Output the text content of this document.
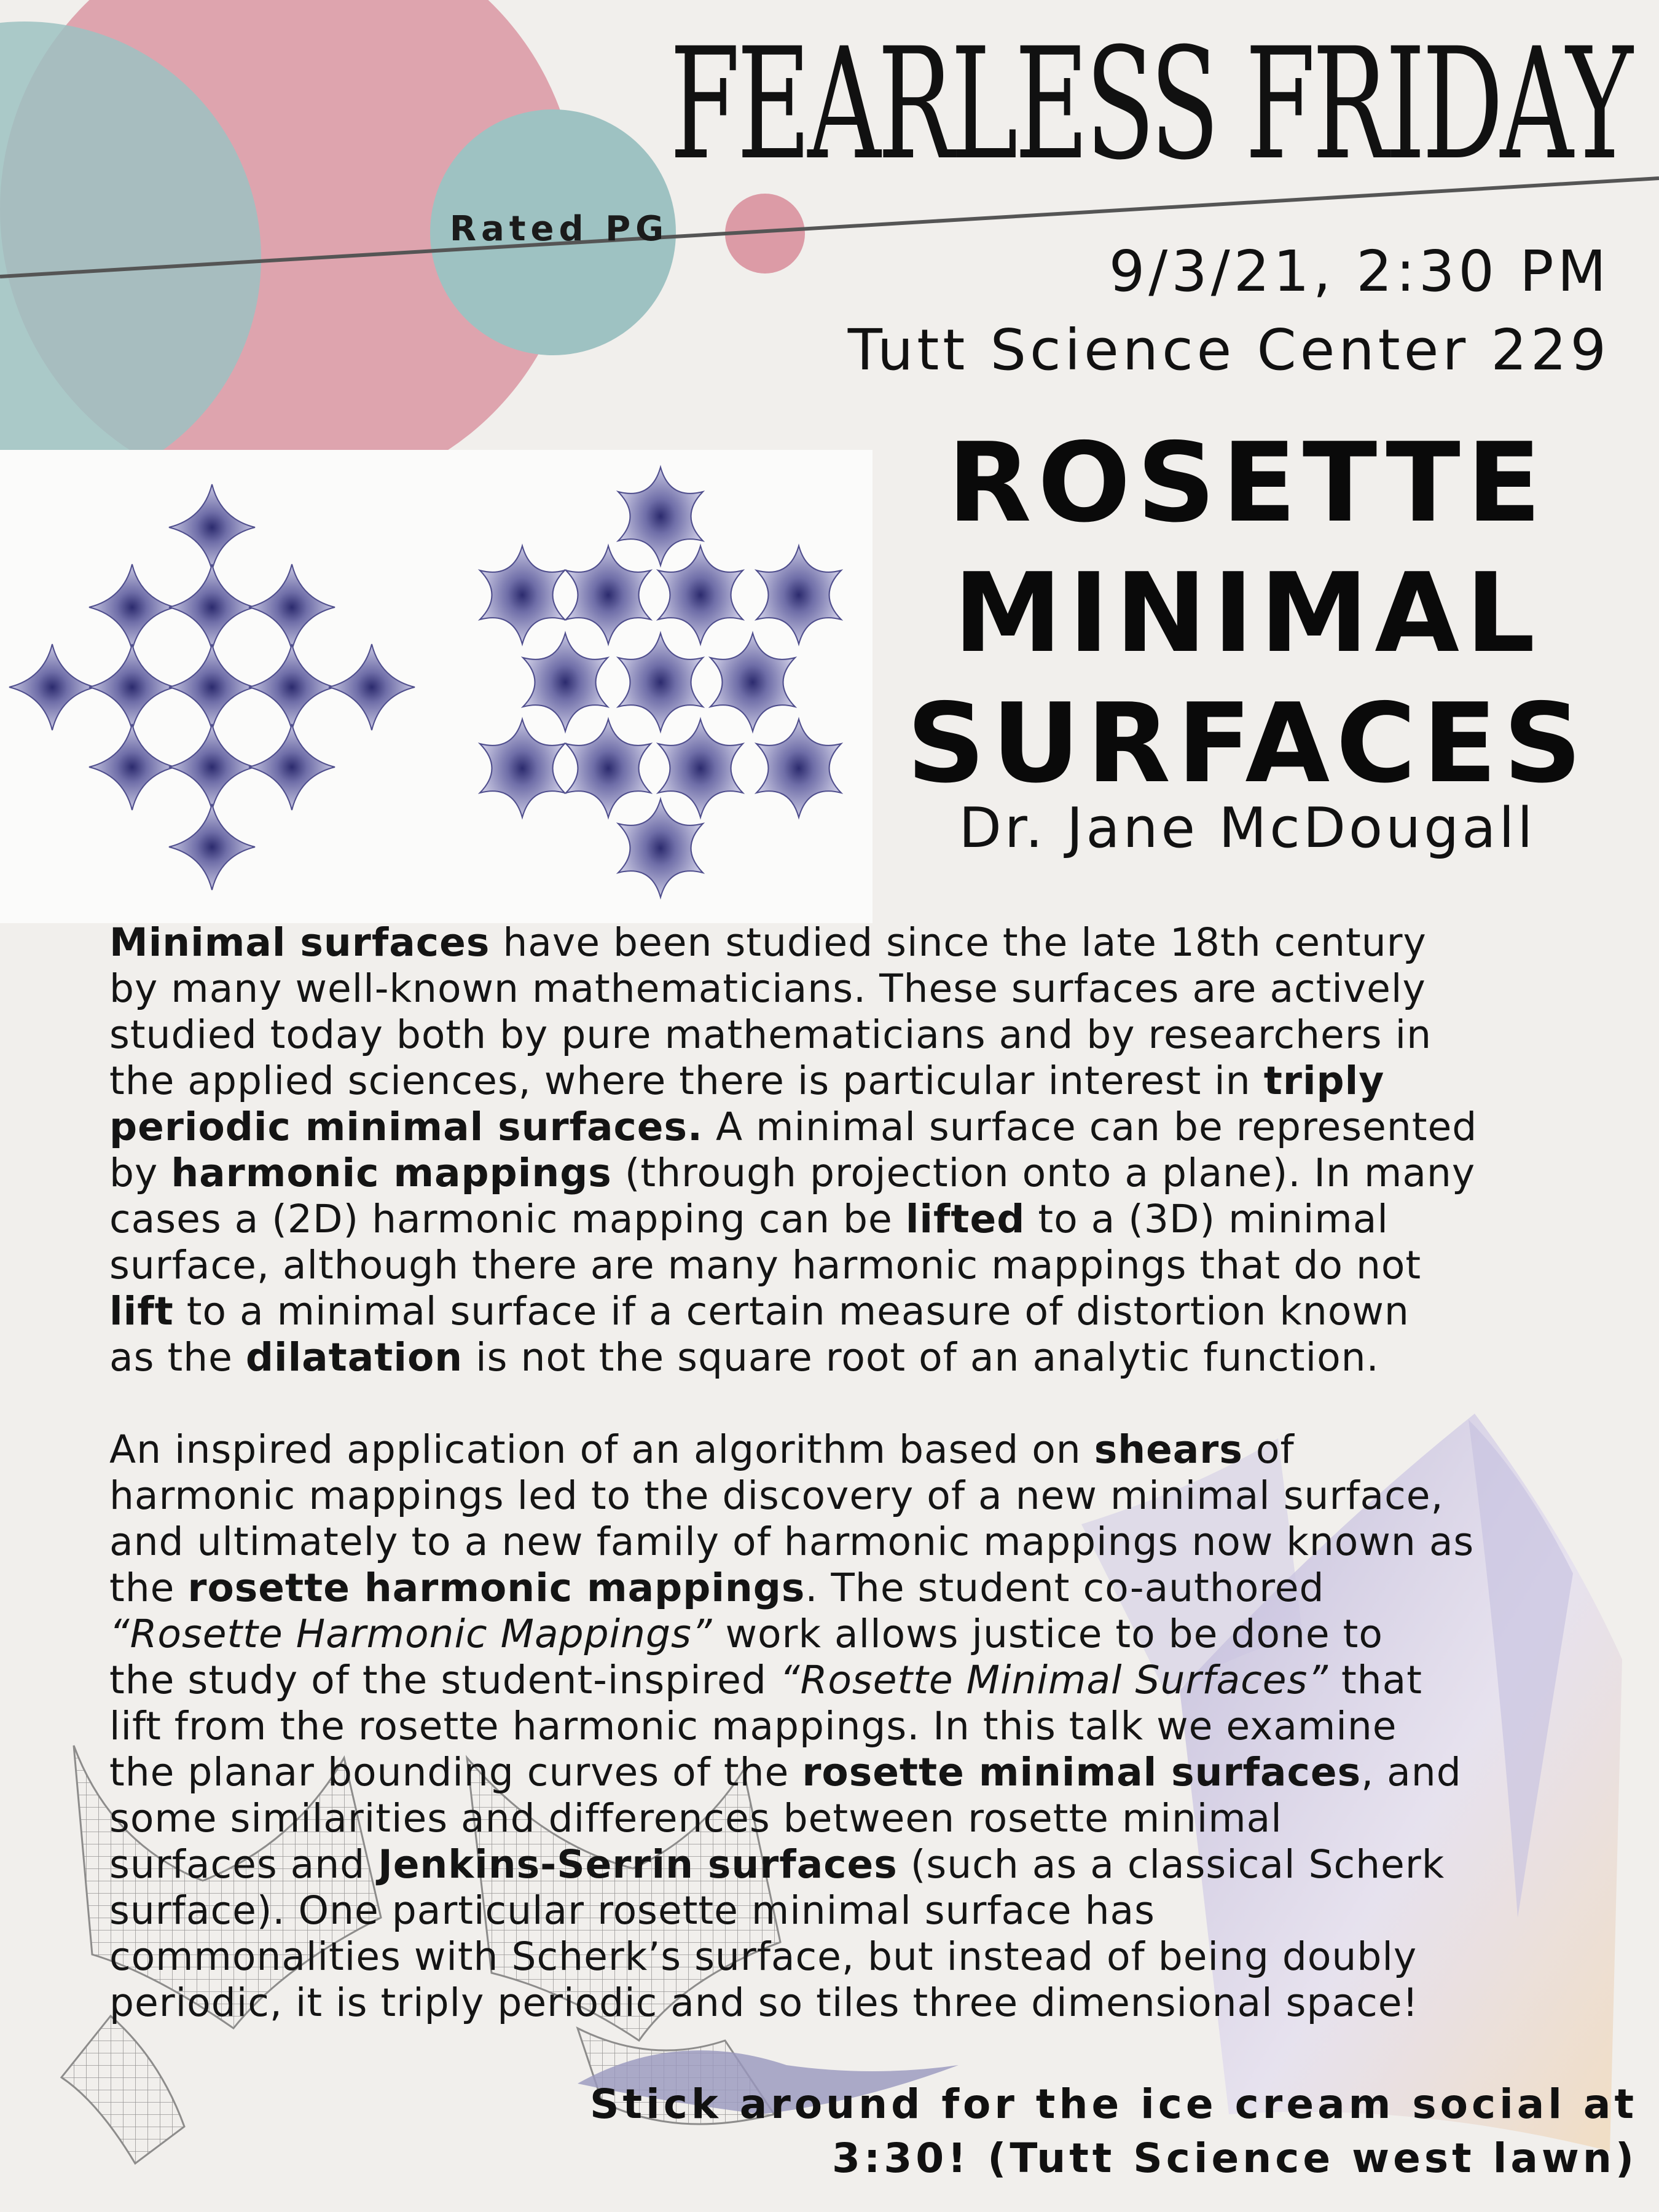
FEARLESS FRIDAY
Rated PG
9/3/21, 2:30 PM
Tutt Science Center 229
ROSETTE
MINIMAL
SURFACES
Dr. Jane McDougall

Minimal surfaces have been studied since the late 18th century
by many well-known mathematicians. These surfaces are actively
studied today both by pure mathematicians and by researchers in
the applied sciences, where there is particular interest in triply
periodic minimal surfaces. A minimal surface can be represented
by harmonic mappings (through projection onto a plane). In many
cases a (2D) harmonic mapping can be lifted to a (3D) minimal
surface, although there are many harmonic mappings that do not
lift to a minimal surface if a certain measure of distortion known
as the dilatation is not the square root of an analytic function.

An inspired application of an algorithm based on shears of
harmonic mappings led to the discovery of a new minimal surface,
and ultimately to a new family of harmonic mappings now known as
the rosette harmonic mappings. The student co-authored
“Rosette Harmonic Mappings” work allows justice to be done to
the study of the student-inspired “Rosette Minimal Surfaces” that
lift from the rosette harmonic mappings. In this talk we examine
the planar bounding curves of the rosette minimal surfaces, and
some similarities and differences between rosette minimal
surfaces and Jenkins-Serrin surfaces (such as a classical Scherk
surface). One particular rosette minimal surface has
commonalities with Scherk’s surface, but instead of being doubly
periodic, it is triply periodic and so tiles three dimensional space!

Stick around for the ice cream social at
3:30! (Tutt Science west lawn)
